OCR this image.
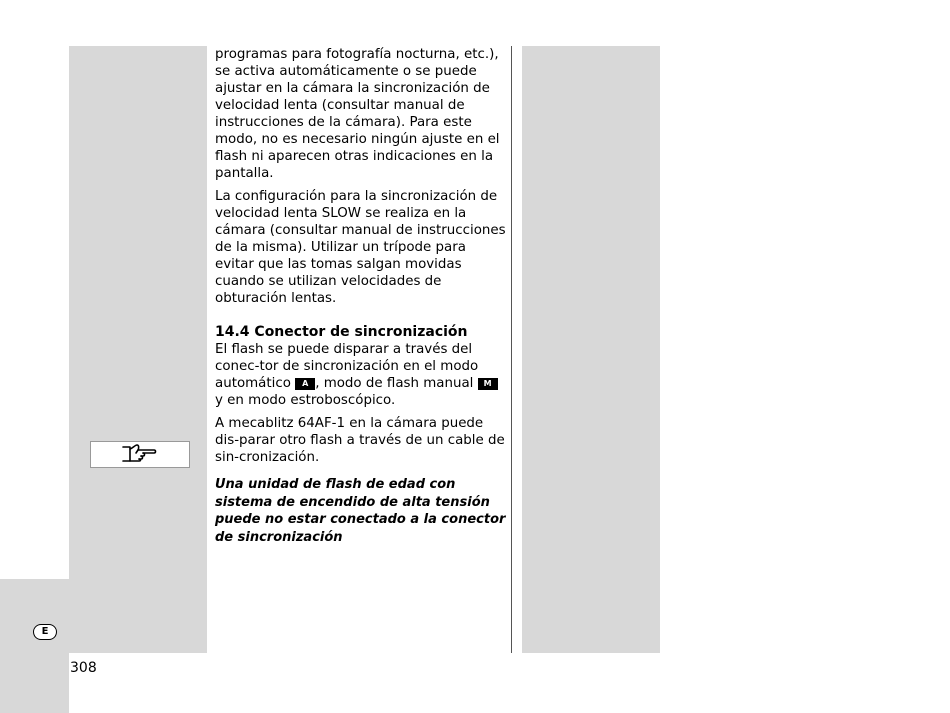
E
308

programas para fotografía nocturna, etc.), se activa automáticamente o se puede ajustar en la cámara la sincronización de velocidad lenta (consultar manual de instrucciones de la cámara). Para este modo, no es necesario ningún ajuste en el flash ni aparecen otras indicaciones en la pantalla.

La configuración para la sincronización de velocidad lenta SLOW se realiza en la cámara (consultar manual de instrucciones de la misma). Utilizar un trípode para evitar que las tomas salgan movidas cuando se utilizan velocidades de obturación lentas.

14.4 Conector de sincronización

El flash se puede disparar a través del conec-tor de sincronización en el modo automático A , modo de flash manual M y en modo estroboscópico.

A mecablitz 64AF-1 en la cámara puede dis-parar otro flash a través de un cable de sin-cronización.

Una unidad de flash de edad con sistema de encendido de alta tensión puede no estar conectado a la conector de sincronización
